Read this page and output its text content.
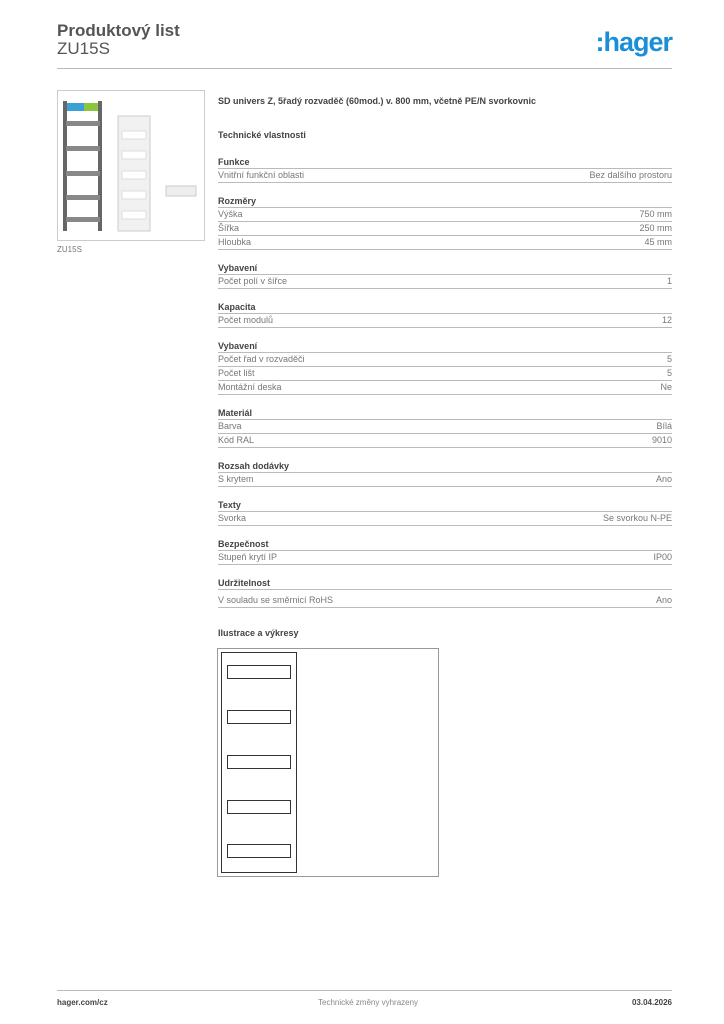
Produktový list
ZU15S	:hager
ZU15S
SD univers Z, 5řadý rozvaděč (60mod.) v. 800 mm, včetně PE/N svorkovnic
Technické vlastnosti
Funkce
Vnitřní funkční oblasti	Bez dalšího prostoru
Rozměry
Výška	750 mm
Šířka	250 mm
Hloubka	45 mm
Vybavení
Počet polí v šířce	1
Kapacita
Počet modulů	12
Vybavení
Počet řad v rozvaděči	5
Počet lišt	5
Montážní deska	Ne
Materiál
Barva	Bílá
Kód RAL	9010
Rozsah dodávky
S krytem	Ano
Texty
Svorka	Se svorkou N-PE
Bezpečnost
Stupeň krytí IP	IP00
Udržitelnost
V souladu se směrnicí RoHS	Ano
Ilustrace a výkresy
hager.com/cz	Technické změny vyhrazeny	03.04.2026
